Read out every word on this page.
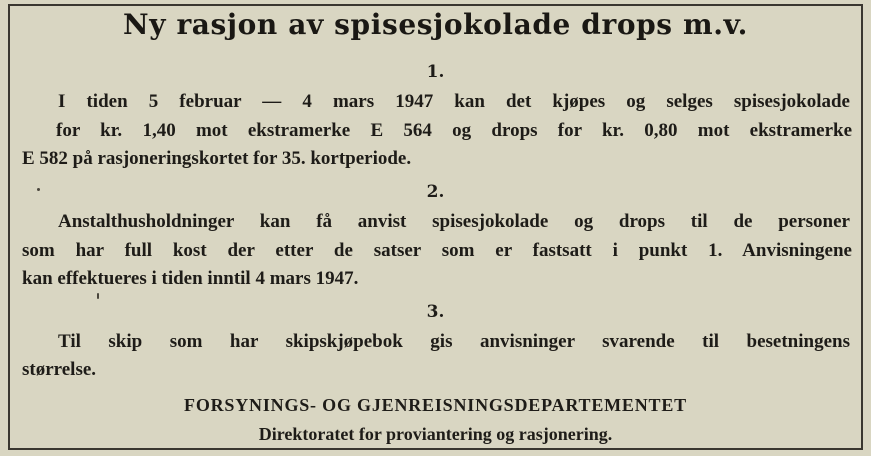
Ny rasjon av spisesjokolade drops m.v.
1.
I tiden 5 februar — 4 mars 1947 kan det kjøpes og selges spisesjokolade
for kr. 1,40 mot ekstramerke E 564 og drops for kr. 0,80 mot ekstramerke
E 582 på rasjoneringskortet for 35. kortperiode.
2.
Anstalthusholdninger kan få anvist spisesjokolade og drops til de personer
som har full kost der etter de satser som er fastsatt i punkt 1. Anvisningene
kan effektueres i tiden inntil 4 mars 1947.
3.
Til skip som har skipskjøpebok gis anvisninger svarende til besetningens
størrelse.
FORSYNINGS- OG GJENREISNINGSDEPARTEMENTET
Direktoratet for proviantering og rasjonering.
